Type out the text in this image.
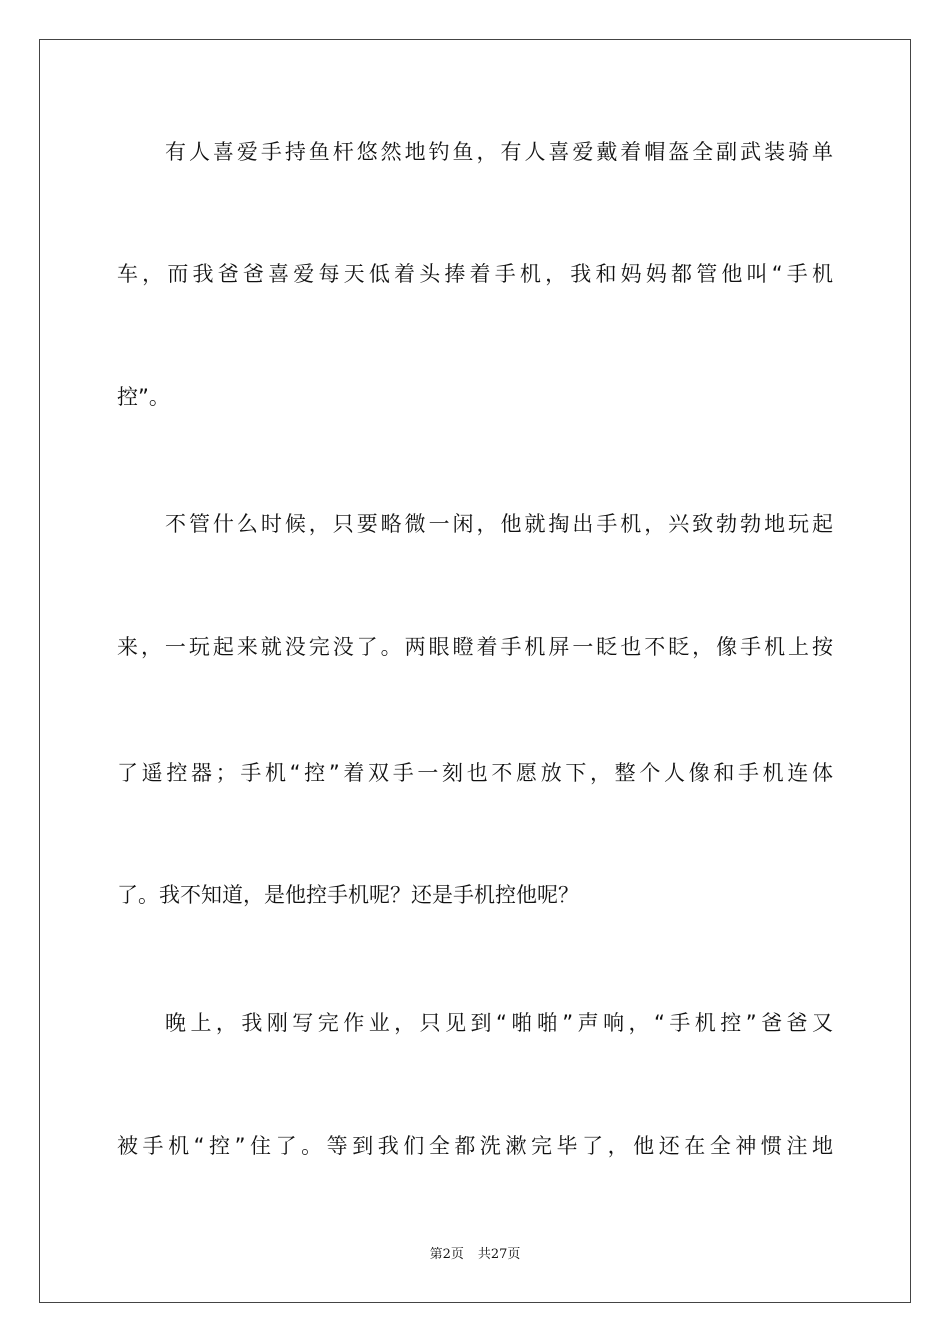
有人喜爱手持鱼杆悠然地钓鱼，有人喜爱戴着帽盔全副武装骑单
车，而我爸爸喜爱每天低着头捧着手机，我和妈妈都管他叫“手机
控”。
不管什么时候，只要略微一闲，他就掏出手机，兴致勃勃地玩起
来，一玩起来就没完没了。两眼瞪着手机屏一眨也不眨，像手机上按
了遥控器；手机“控”着双手一刻也不愿放下，整个人像和手机连体
了。我不知道，是他控手机呢？还是手机控他呢？
晚上，我刚写完作业，只见到“啪啪”声响，“手机控”爸爸又
被手机“控”住了。等到我们全都洗漱完毕了，他还在全神惯注地
第2页 共27页
